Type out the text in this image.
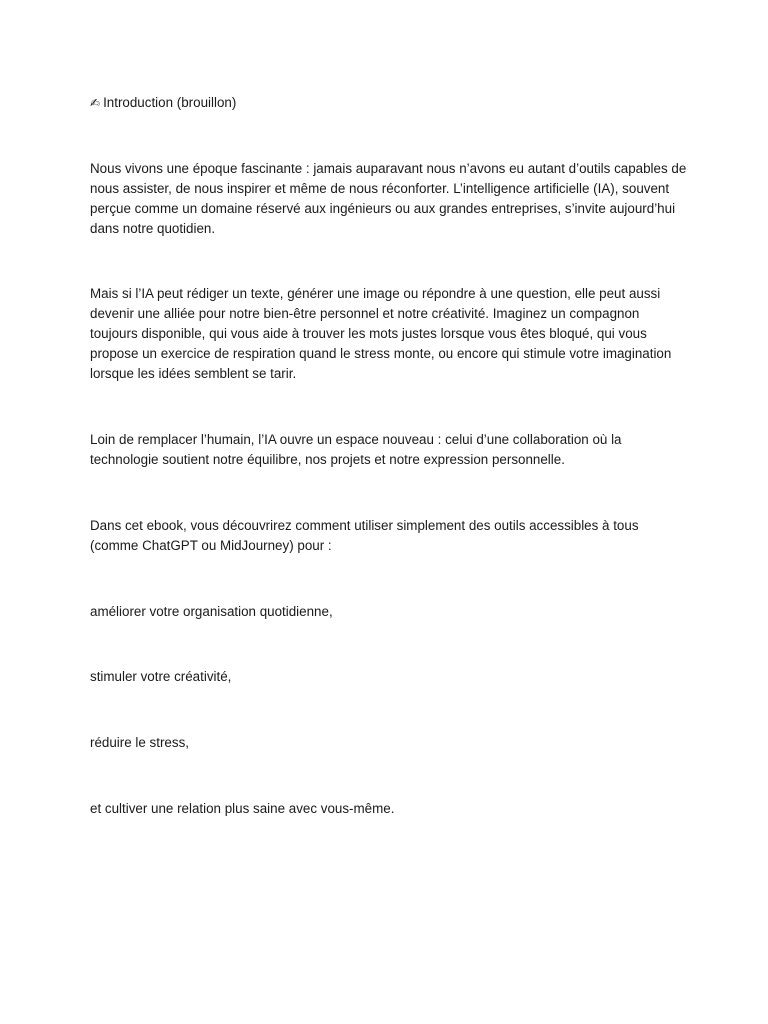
✍ Introduction (brouillon)

Nous vivons une époque fascinante : jamais auparavant nous n’avons eu autant d’outils capables de nous assister, de nous inspirer et même de nous réconforter. L’intelligence artificielle (IA), souvent perçue comme un domaine réservé aux ingénieurs ou aux grandes entreprises, s’invite aujourd’hui dans notre quotidien.

Mais si l’IA peut rédiger un texte, générer une image ou répondre à une question, elle peut aussi devenir une alliée pour notre bien-être personnel et notre créativité. Imaginez un compagnon toujours disponible, qui vous aide à trouver les mots justes lorsque vous êtes bloqué, qui vous propose un exercice de respiration quand le stress monte, ou encore qui stimule votre imagination lorsque les idées semblent se tarir.

Loin de remplacer l’humain, l’IA ouvre un espace nouveau : celui d’une collaboration où la technologie soutient notre équilibre, nos projets et notre expression personnelle.

Dans cet ebook, vous découvrirez comment utiliser simplement des outils accessibles à tous (comme ChatGPT ou MidJourney) pour :

améliorer votre organisation quotidienne,

stimuler votre créativité,

réduire le stress,

et cultiver une relation plus saine avec vous-même.
